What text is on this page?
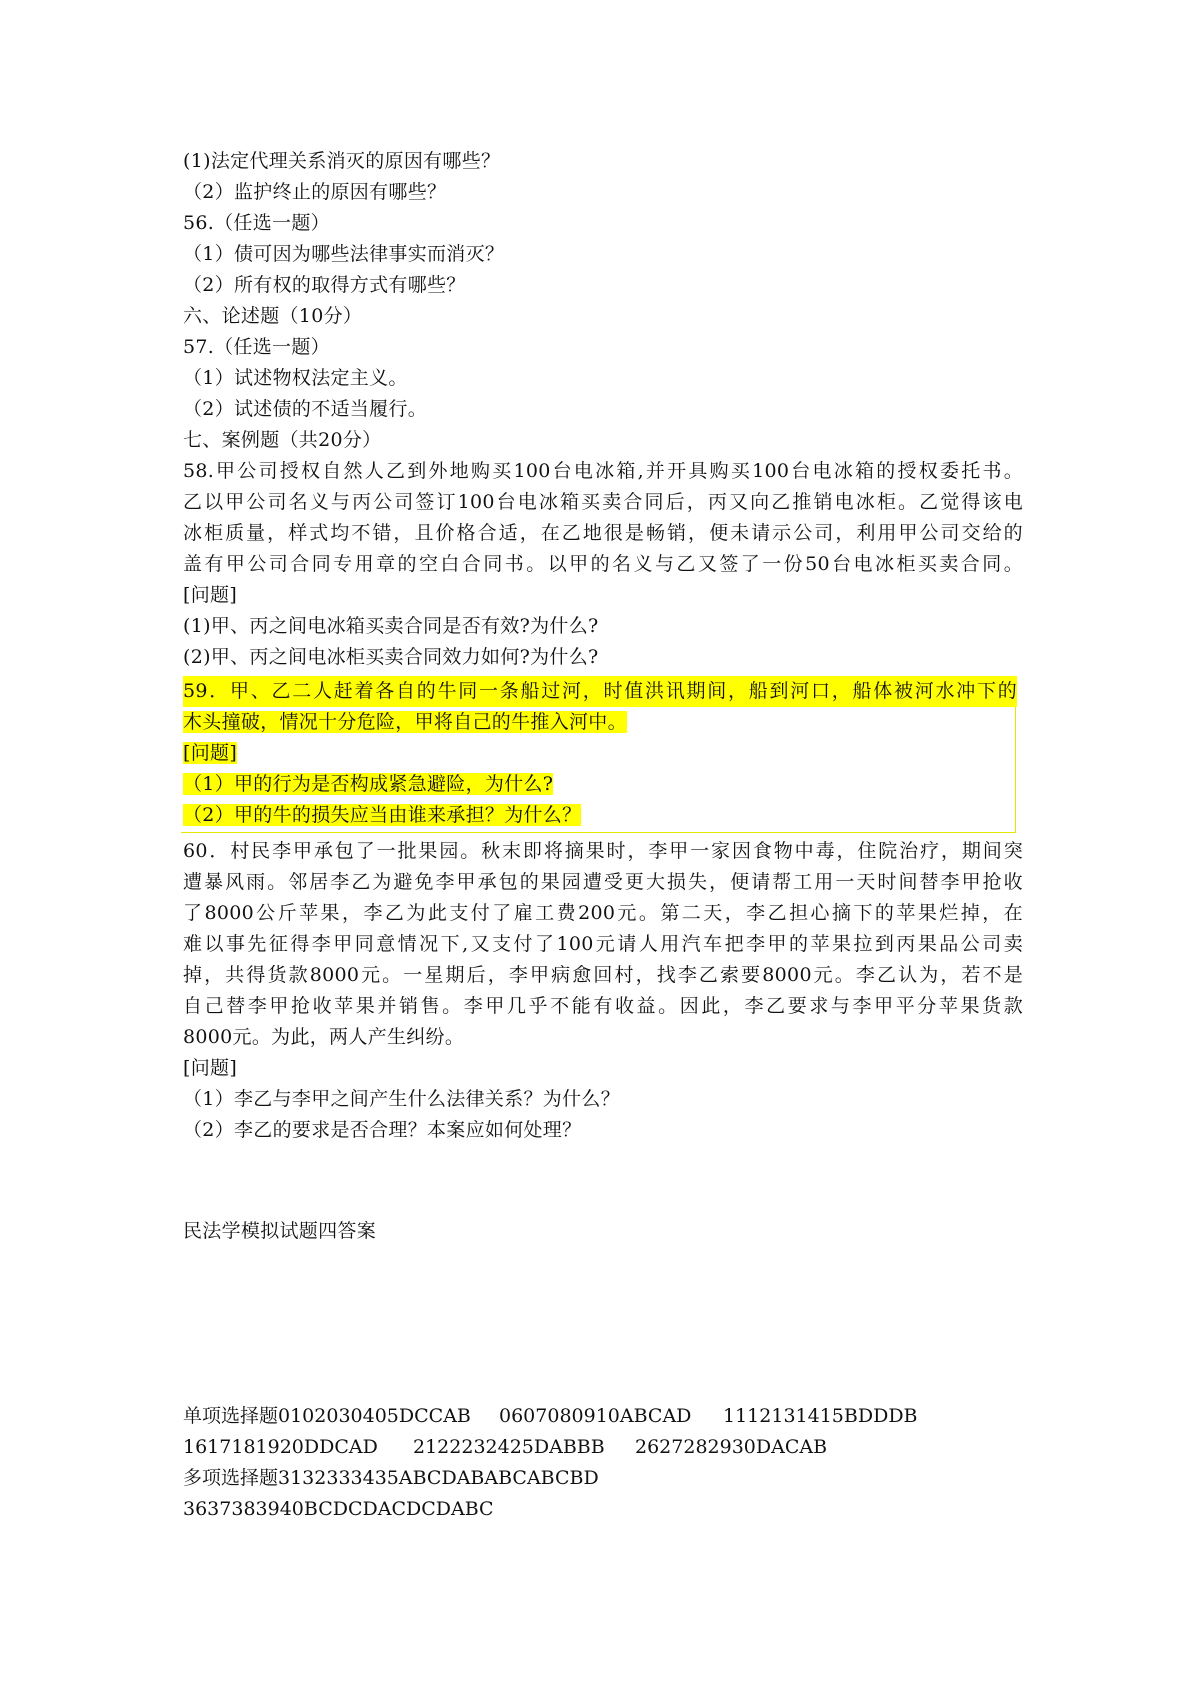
(1)法定代理关系消灭的原因有哪些？
（2）监护终止的原因有哪些？
56.（任选一题）
（1）债可因为哪些法律事实而消灭？
（2）所有权的取得方式有哪些？
六、论述题（10分）
57.（任选一题）
（1）试述物权法定主义。
（2）试述债的不适当履行。
七、案例题（共20分）
58.甲公司授权自然人乙到外地购买100台电冰箱,并开具购买100台电冰箱的授权委托书。
乙以甲公司名义与丙公司签订100台电冰箱买卖合同后，丙又向乙推销电冰柜。乙觉得该电
冰柜质量，样式均不错，且价格合适，在乙地很是畅销，便未请示公司，利用甲公司交给的
盖有甲公司合同专用章的空白合同书。以甲的名义与乙又签了一份50台电冰柜买卖合同。
[问题]
(1)甲、丙之间电冰箱买卖合同是否有效?为什么?
(2)甲、丙之间电冰柜买卖合同效力如何?为什么?
59．甲、乙二人赶着各自的牛同一条船过河，时值洪讯期间，船到河口，船体被河水冲下的
木头撞破，情况十分危险，甲将自己的牛推入河中。
[问题]
（1）甲的行为是否构成紧急避险，为什么?
（2）甲的牛的损失应当由谁来承担？为什么？
60．村民李甲承包了一批果园。秋末即将摘果时，李甲一家因食物中毒，住院治疗，期间突
遭暴风雨。邻居李乙为避免李甲承包的果园遭受更大损失，便请帮工用一天时间替李甲抢收
了8000公斤苹果，李乙为此支付了雇工费200元。第二天，李乙担心摘下的苹果烂掉，在
难以事先征得李甲同意情况下,又支付了100元请人用汽车把李甲的苹果拉到丙果品公司卖
掉，共得货款8000元。一星期后，李甲病愈回村，找李乙索要8000元。李乙认为，若不是
自己替李甲抢收苹果并销售。李甲几乎不能有收益。因此，李乙要求与李甲平分苹果货款
8000元。为此，两人产生纠纷。
[问题]
（1）李乙与李甲之间产生什么法律关系？为什么？
（2）李乙的要求是否合理？本案应如何处理？
民法学模拟试题四答案
单项选择题0102030405DCCAB 0607080910ABCAD 1112131415BDDDB
1617181920DDCAD 2122232425DABBB 2627282930DACAB
多项选择题3132333435ABCDABABCABCBD
3637383940BCDCDACDCDABC
